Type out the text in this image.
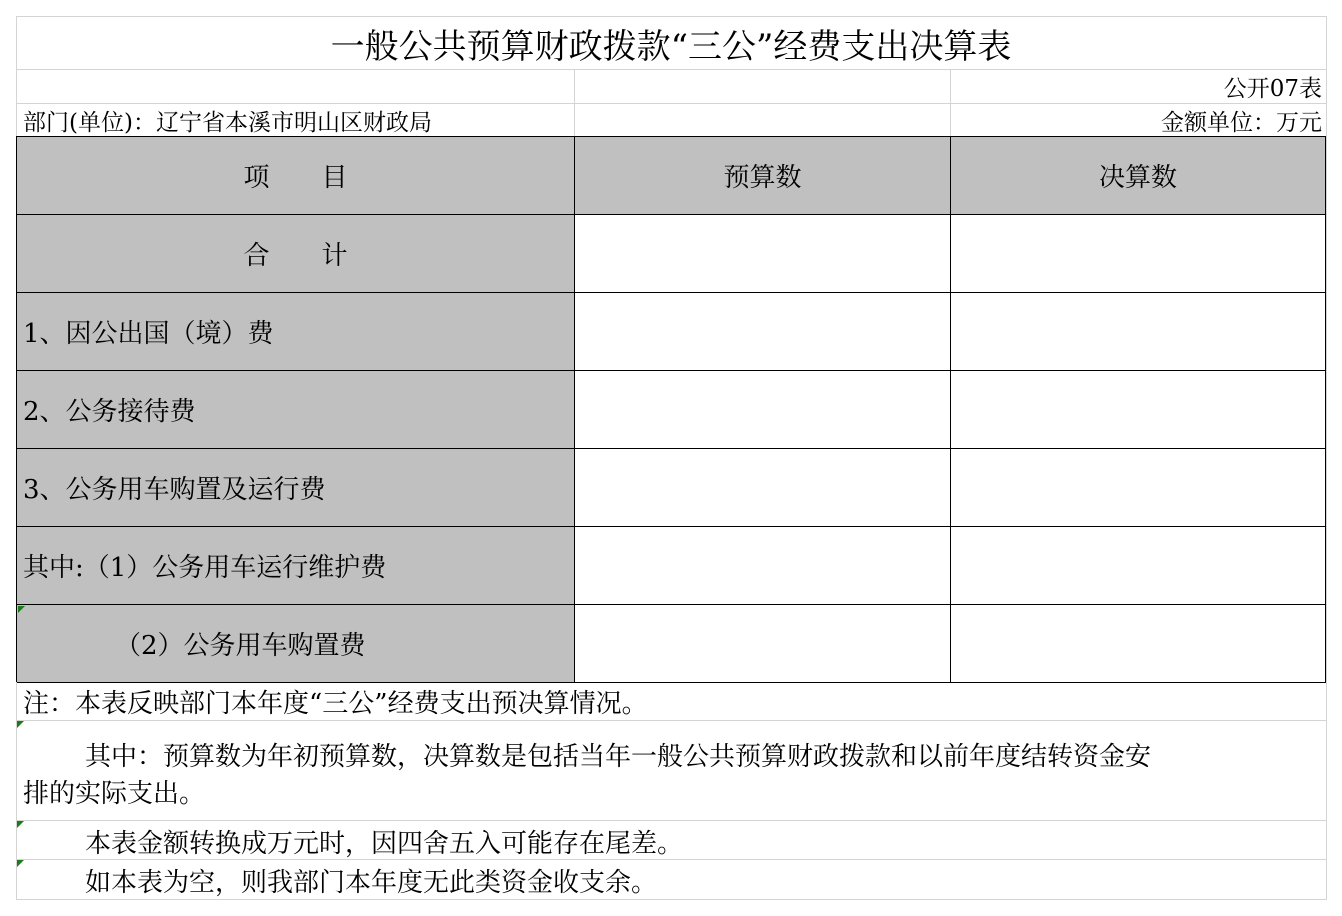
一般公共预算财政拨款“三公”经费支出决算表
公开07表
部门(单位)：辽宁省本溪市明山区财政局	金额单位：万元
项　　目	预算数	决算数
合　　计
1、因公出国（境）费
2、公务接待费
3、公务用车购置及运行费
其中:（1）公务用车运行维护费
（2）公务用车购置费
注：本表反映部门本年度“三公”经费支出预决算情况。
其中：预算数为年初预算数，决算数是包括当年一般公共预算财政拨款和以前年度结转资金安
排的实际支出。
本表金额转换成万元时，因四舍五入可能存在尾差。
如本表为空，则我部门本年度无此类资金收支余。
